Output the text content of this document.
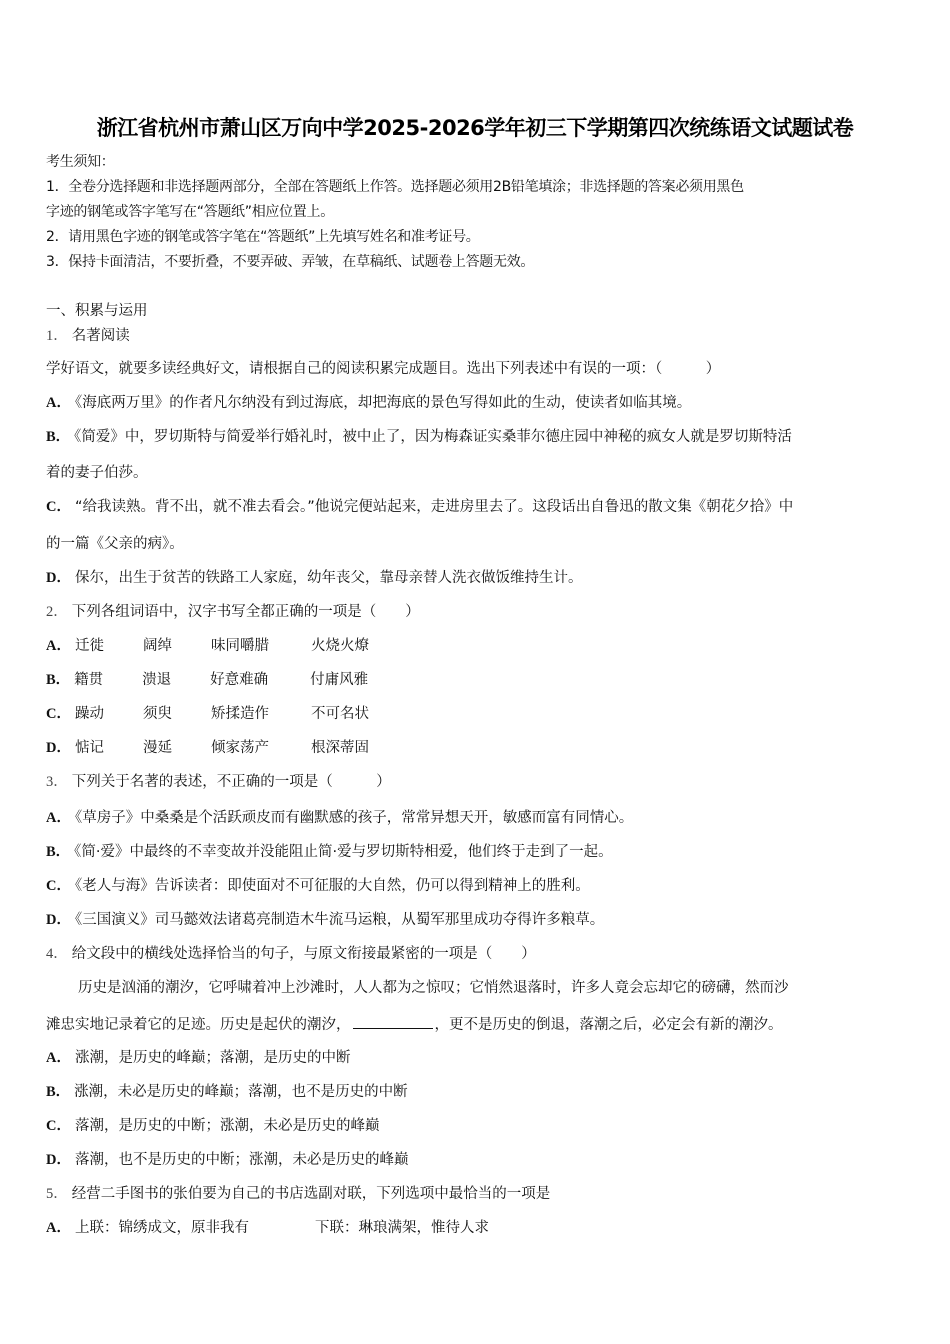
浙江省杭州市萧山区万向中学2025-2026学年初三下学期第四次统练语文试题试卷
考生须知：
1．全卷分选择题和非选择题两部分，全部在答题纸上作答。选择题必须用2B铅笔填涂；非选择题的答案必须用黑色
字迹的钢笔或答字笔写在“答题纸”相应位置上。
2．请用黑色字迹的钢笔或答字笔在“答题纸”上先填写姓名和准考证号。
3．保持卡面清洁，不要折叠，不要弄破、弄皱，在草稿纸、试题卷上答题无效。
一、积累与运用
1． 名著阅读
学好语文，就要多读经典好文，请根据自己的阅读积累完成题目。选出下列表述中有误的一项：（　　　）
A． 《海底两万里》的作者凡尔纳没有到过海底，却把海底的景色写得如此的生动，使读者如临其境。
B． 《简爱》中，罗切斯特与简爱举行婚礼时，被中止了，因为梅森证实桑菲尔德庄园中神秘的疯女人就是罗切斯特活
着的妻子伯莎。
C． “给我读熟。背不出，就不准去看会。”他说完便站起来，走进房里去了。这段话出自鲁迅的散文集《朝花夕拾》中
的一篇《父亲的病》。
D． 保尔，出生于贫苦的铁路工人家庭，幼年丧父，靠母亲替人洗衣做饭维持生计。
2． 下列各组词语中，汉字书写全都正确的一项是（　　）
A． 迁徙	阔绰	味同嚼腊	火烧火燎
B． 籍贯	溃退	好意难确	付庸风雅
C． 躁动	须臾	矫揉造作	不可名状
D． 惦记	漫延	倾家荡产	根深蒂固
3． 下列关于名著的表述，不正确的一项是（　　　）
A． 《草房子》中桑桑是个活跃顽皮而有幽默感的孩子，常常异想天开，敏感而富有同情心。
B． 《简·爱》中最终的不幸变故并没能阻止简·爱与罗切斯特相爱，他们终于走到了一起。
C． 《老人与海》告诉读者：即使面对不可征服的大自然，仍可以得到精神上的胜利。
D． 《三国演义》司马懿效法诸葛亮制造木牛流马运粮，从蜀军那里成功夺得许多粮草。
4． 给文段中的横线处选择恰当的句子，与原文衔接最紧密的一项是（　　）
历史是汹涌的潮汐，它呼啸着冲上沙滩时，人人都为之惊叹；它悄然退落时，许多人竟会忘却它的磅礴，然而沙
滩忠实地记录着它的足迹。历史是起伏的潮汐，	，更不是历史的倒退，落潮之后，必定会有新的潮汐。
A． 涨潮，是历史的峰巅；落潮，是历史的中断
B． 涨潮，未必是历史的峰巅；落潮，也不是历史的中断
C． 落潮，是历史的中断；涨潮，未必是历史的峰巅
D． 落潮，也不是历史的中断；涨潮，未必是历史的峰巅
5． 经营二手图书的张伯要为自己的书店选副对联，下列选项中最恰当的一项是
A． 上联：锦绣成文，原非我有	下联：琳琅满架，惟待人求
